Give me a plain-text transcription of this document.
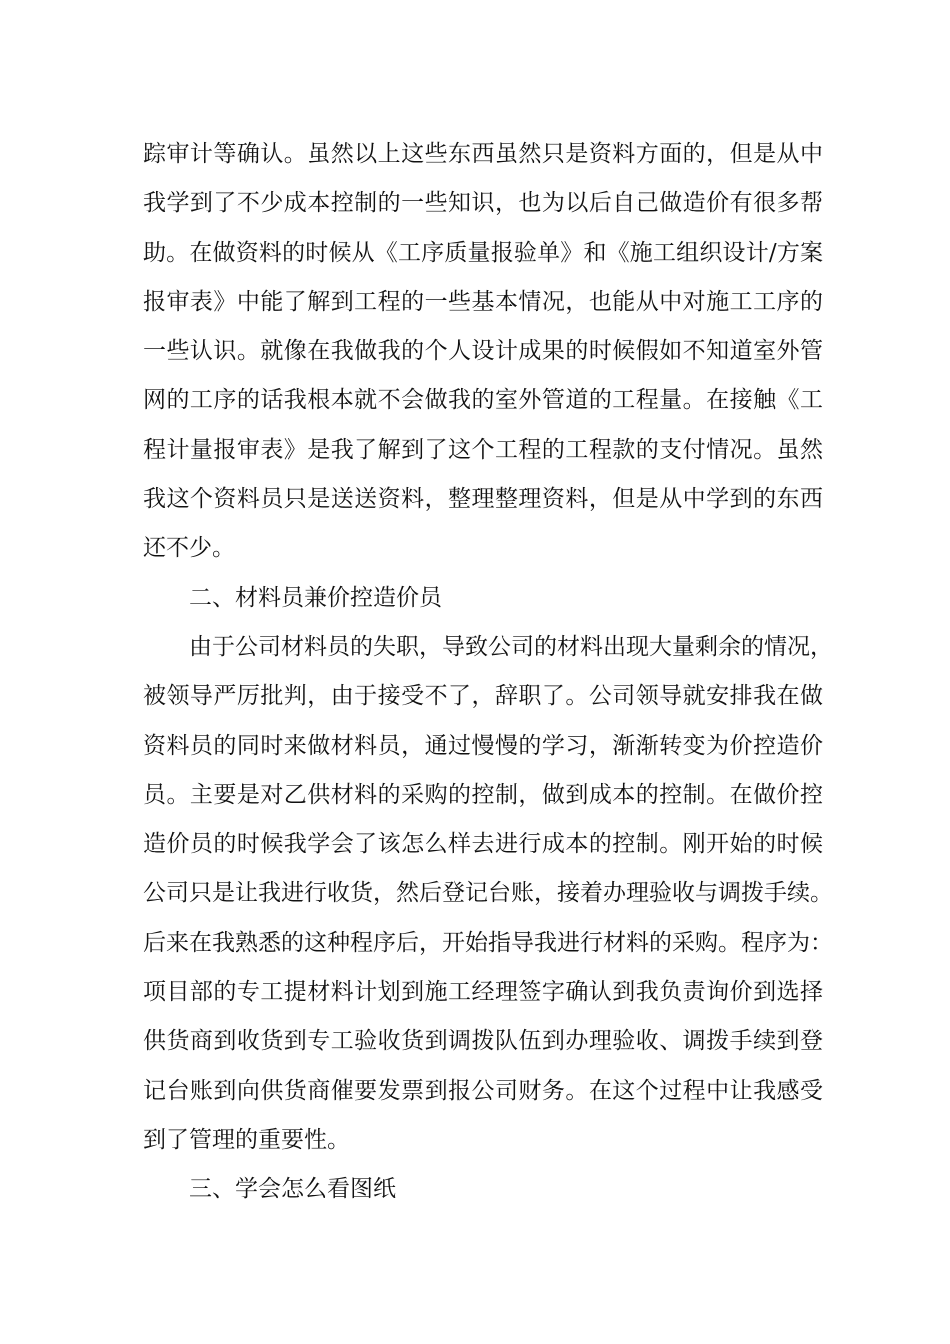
踪审计等确认。虽然以上这些东西虽然只是资料方面的，但是从中
我学到了不少成本控制的一些知识，也为以后自己做造价有很多帮
助。在做资料的时候从《工序质量报验单》和《施工组织设计/方案
报审表》中能了解到工程的一些基本情况，也能从中对施工工序的
一些认识。就像在我做我的个人设计成果的时候假如不知道室外管
网的工序的话我根本就不会做我的室外管道的工程量。在接触《工
程计量报审表》是我了解到了这个工程的工程款的支付情况。虽然
我这个资料员只是送送资料，整理整理资料，但是从中学到的东西
还不少。
二、材料员兼价控造价员
由于公司材料员的失职，导致公司的材料出现大量剩余的情况，
被领导严厉批判，由于接受不了，辞职了。公司领导就安排我在做
资料员的同时来做材料员，通过慢慢的学习，渐渐转变为价控造价
员。主要是对乙供材料的采购的控制，做到成本的控制。在做价控
造价员的时候我学会了该怎么样去进行成本的控制。刚开始的时候
公司只是让我进行收货，然后登记台账，接着办理验收与调拨手续。
后来在我熟悉的这种程序后，开始指导我进行材料的采购。程序为：
项目部的专工提材料计划到施工经理签字确认到我负责询价到选择
供货商到收货到专工验收货到调拨队伍到办理验收、调拨手续到登
记台账到向供货商催要发票到报公司财务。在这个过程中让我感受
到了管理的重要性。
三、学会怎么看图纸
